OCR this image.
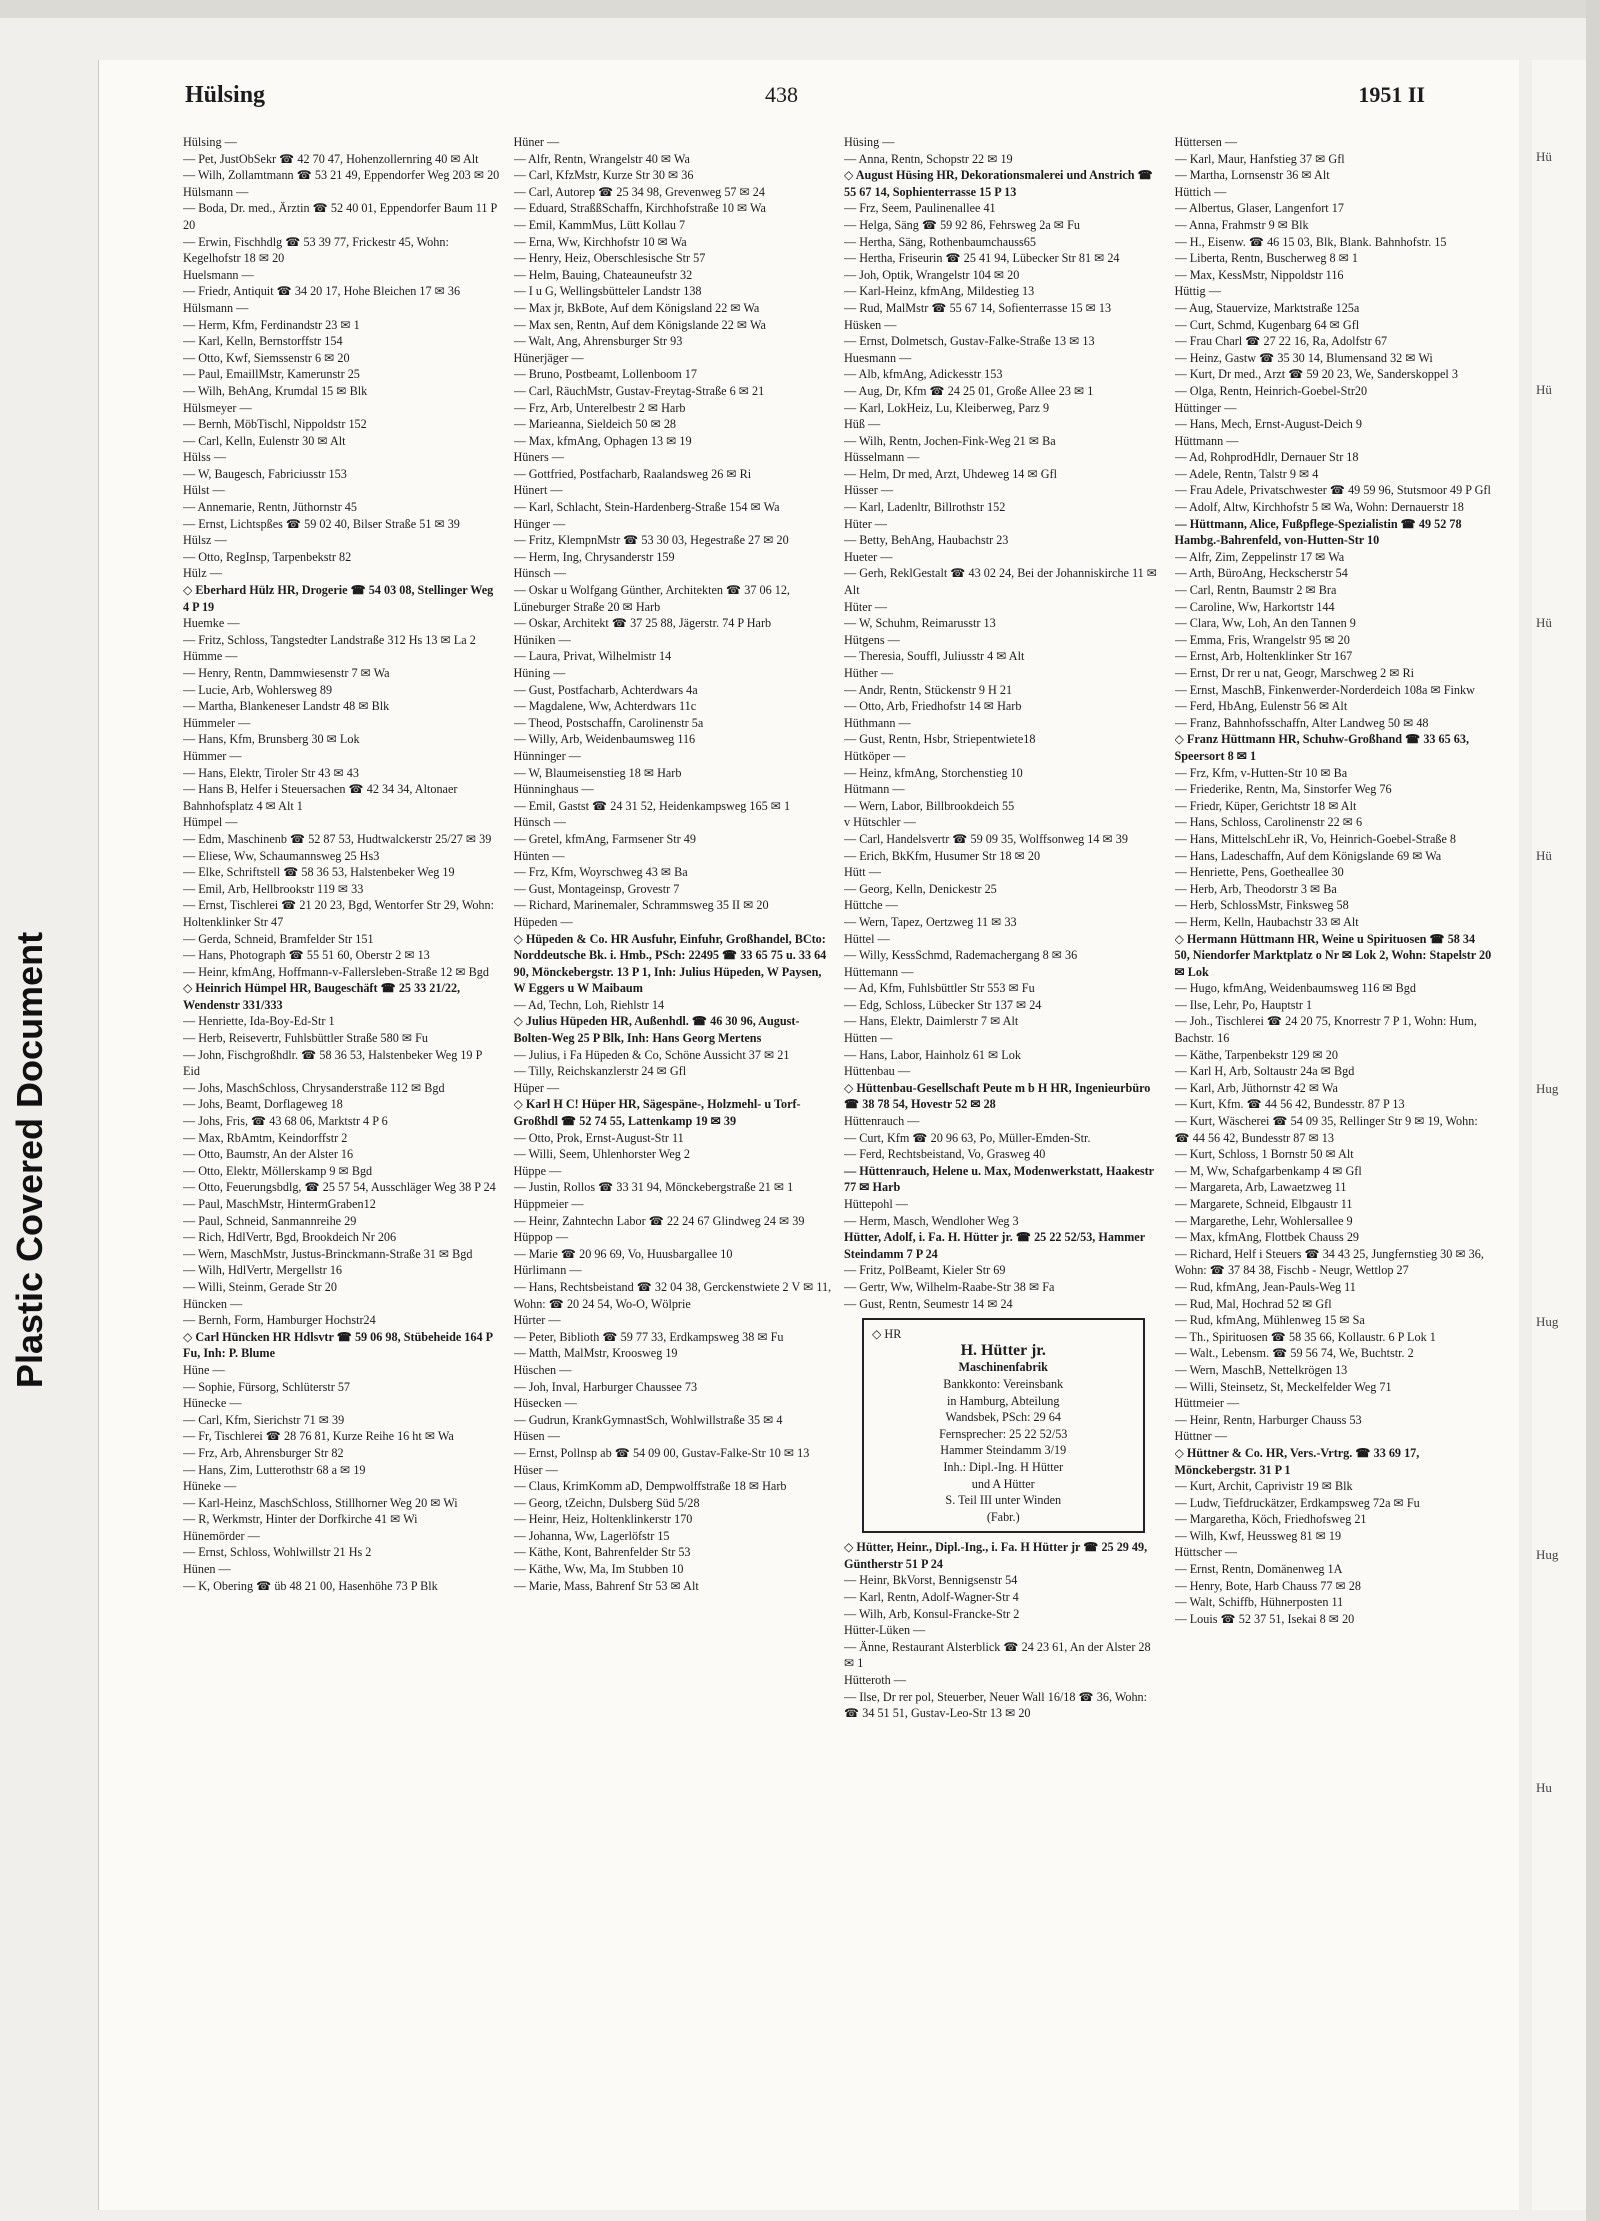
Plastic Covered Document
Hülsing	438	1951 II

Hülsing —

— Pet, JustObSekr ☎ 42 70 47, Hohenzollernring 40 ✉ Alt

— Wilh, Zollamtmann ☎ 53 21 49, Eppendorfer Weg 203 ✉ 20

Hülsmann —

— Boda, Dr. med., Ärztin ☎ 52 40 01, Eppendorfer Baum 11 P 20

— Erwin, Fischhdlg ☎ 53 39 77, Frickestr 45, Wohn: Kegelhofstr 18 ✉ 20

Huelsmann —

— Friedr, Antiquit ☎ 34 20 17, Hohe Bleichen 17 ✉ 36

Hülsmann —

— Herm, Kfm, Ferdinandstr 23 ✉ 1

— Karl, Kelln, Bernstorffstr 154

— Otto, Kwf, Siemssenstr 6 ✉ 20

— Paul, EmaillMstr, Kamerunstr 25

— Wilh, BehAng, Krumdal 15 ✉ Blk

Hülsmeyer —

— Bernh, MöbTischl, Nippoldstr 152

— Carl, Kelln, Eulenstr 30 ✉ Alt

Hülss —

— W, Baugesch, Fabriciusstr 153

Hülst —

— Annemarie, Rentn, Jüthornstr 45

— Ernst, Lichtspßes ☎ 59 02 40, Bilser Straße 51 ✉ 39

Hülsz —

— Otto, RegInsp, Tarpenbekstr 82

Hülz —

◇ Eberhard Hülz HR, Drogerie ☎ 54 03 08, Stellinger Weg 4 P 19

Huemke —

— Fritz, Schloss, Tangstedter Landstraße 312 Hs 13 ✉ La 2

Hümme —

— Henry, Rentn, Dammwiesenstr 7 ✉ Wa

— Lucie, Arb, Wohlersweg 89

— Martha, Blankeneser Landstr 48 ✉ Blk

Hümmeler —

— Hans, Kfm, Brunsberg 30 ✉ Lok

Hümmer —

— Hans, Elektr, Tiroler Str 43 ✉ 43

— Hans B, Helfer i Steuersachen ☎ 42 34 34, Altonaer Bahnhofsplatz 4 ✉ Alt 1

Hümpel —

— Edm, Maschinenb ☎ 52 87 53, Hudtwalckerstr 25/27 ✉ 39

— Eliese, Ww, Schaumannsweg 25 Hs3

— Elke, Schriftstell ☎ 58 36 53, Halstenbeker Weg 19

— Emil, Arb, Hellbrookstr 119 ✉ 33

— Ernst, Tischlerei ☎ 21 20 23, Bgd, Wentorfer Str 29, Wohn: Holtenklinker Str 47

— Gerda, Schneid, Bramfelder Str 151

— Hans, Photograph ☎ 55 51 60, Oberstr 2 ✉ 13

— Heinr, kfmAng, Hoffmann-v-Fallersleben-Straße 12 ✉ Bgd

◇ Heinrich Hümpel HR, Baugeschäft ☎ 25 33 21/22, Wendenstr 331/333

— Henriette, Ida-Boy-Ed-Str 1

— Herb, Reisevertr, Fuhlsbüttler Straße 580 ✉ Fu

— John, Fischgroßhdlr. ☎ 58 36 53, Halstenbeker Weg 19 P Eid

— Johs, MaschSchloss, Chrysanderstraße 112 ✉ Bgd

— Johs, Beamt, Dorflageweg 18

— Johs, Fris, ☎ 43 68 06, Marktstr 4 P 6

— Max, RbAmtm, Keindorffstr 2

— Otto, Baumstr, An der Alster 16

— Otto, Elektr, Möllerskamp 9 ✉ Bgd

— Otto, Feuerungsbdlg, ☎ 25 57 54, Ausschläger Weg 38 P 24

— Paul, MaschMstr, HintermGraben12

— Paul, Schneid, Sanmannreihe 29

— Rich, HdlVertr, Bgd, Brookdeich Nr 206

— Wern, MaschMstr, Justus-Brinckmann-Straße 31 ✉ Bgd

— Wilh, HdlVertr, Mergellstr 16

— Willi, Steinm, Gerade Str 20

Hüncken —

— Bernh, Form, Hamburger Hochstr24

◇ Carl Hüncken HR Hdlsvtr ☎ 59 06 98, Stübeheide 164 P Fu, Inh: P. Blume

Hüne —

— Sophie, Fürsorg, Schlüterstr 57

Hünecke —

— Carl, Kfm, Sierichstr 71 ✉ 39

— Fr, Tischlerei ☎ 28 76 81, Kurze Reihe 16 ht ✉ Wa

— Frz, Arb, Ahrensburger Str 82

— Hans, Zim, Lutterothstr 68 a ✉ 19

Hüneke —

— Karl-Heinz, MaschSchloss, Stillhorner Weg 20 ✉ Wi

— R, Werkmstr, Hinter der Dorfkirche 41 ✉ Wi

Hünemörder —

— Ernst, Schloss, Wohlwillstr 21 Hs 2

Hünen —

— K, Obering ☎ üb 48 21 00, Hasenhöhe 73 P Blk

Hüner —

— Alfr, Rentn, Wrangelstr 40 ✉ Wa

— Carl, KfzMstr, Kurze Str 30 ✉ 36

— Carl, Autorep ☎ 25 34 98, Grevenweg 57 ✉ 24

— Eduard, StraßßSchaffn, Kirchhofstraße 10 ✉ Wa

— Emil, KammMus, Lütt Kollau 7

— Erna, Ww, Kirchhofstr 10 ✉ Wa

— Henry, Heiz, Oberschlesische Str 57

— Helm, Bauing, Chateauneufstr 32

— I u G, Wellingsbütteler Landstr 138

— Max jr, BkBote, Auf dem Königsland 22 ✉ Wa

— Max sen, Rentn, Auf dem Königslande 22 ✉ Wa

— Walt, Ang, Ahrensburger Str 93

Hünerjäger —

— Bruno, Postbeamt, Lollenboom 17

— Carl, RäuchMstr, Gustav-Freytag-Straße 6 ✉ 21

— Frz, Arb, Unterelbestr 2 ✉ Harb

— Marieanna, Sieldeich 50 ✉ 28

— Max, kfmAng, Ophagen 13 ✉ 19

Hüners —

— Gottfried, Postfacharb, Raalandsweg 26 ✉ Ri

Hünert —

— Karl, Schlacht, Stein-Hardenberg-Straße 154 ✉ Wa

Hünger —

— Fritz, KlempnMstr ☎ 53 30 03, Hegestraße 27 ✉ 20

— Herm, Ing, Chrysanderstr 159

Hünsch —

— Oskar u Wolfgang Günther, Architekten ☎ 37 06 12, Lüneburger Straße 20 ✉ Harb

— Oskar, Architekt ☎ 37 25 88, Jägerstr. 74 P Harb

Hüniken —

— Laura, Privat, Wilhelmistr 14

Hüning —

— Gust, Postfacharb, Achterdwars 4a

— Magdalene, Ww, Achterdwars 11c

— Theod, Postschaffn, Carolinenstr 5a

— Willy, Arb, Weidenbaumsweg 116

Hünninger —

— W, Blaumeisenstieg 18 ✉ Harb

Hünninghaus —

— Emil, Gastst ☎ 24 31 52, Heidenkampsweg 165 ✉ 1

Hünsch —

— Gretel, kfmAng, Farmsener Str 49

Hünten —

— Frz, Kfm, Woyrschweg 43 ✉ Ba

— Gust, Montageinsp, Grovestr 7

— Richard, Marinemaler, Schrammsweg 35 II ✉ 20

Hüpeden —

◇ Hüpeden & Co. HR Ausfuhr, Einfuhr, Großhandel, BCto: Norddeutsche Bk. i. Hmb., PSch: 22495 ☎ 33 65 75 u. 33 64 90, Mönckebergstr. 13 P 1, Inh: Julius Hüpeden, W Paysen, W Eggers u W Maibaum

— Ad, Techn, Loh, Riehlstr 14

◇ Julius Hüpeden HR, Außenhdl. ☎ 46 30 96, August-Bolten-Weg 25 P Blk, Inh: Hans Georg Mertens

— Julius, i Fa Hüpeden & Co, Schöne Aussicht 37 ✉ 21

— Tilly, Reichskanzlerstr 24 ✉ Gfl

Hüper —

◇ Karl H C! Hüper HR, Sägespäne-, Holzmehl- u Torf-Großhdl ☎ 52 74 55, Lattenkamp 19 ✉ 39

— Otto, Prok, Ernst-August-Str 11

— Willi, Seem, Uhlenhorster Weg 2

Hüppe —

— Justin, Rollos ☎ 33 31 94, Mönckebergstraße 21 ✉ 1

Hüppmeier —

— Heinr, Zahntechn Labor ☎ 22 24 67 Glindweg 24 ✉ 39

Hüppop —

— Marie ☎ 20 96 69, Vo, Huusbargallee 10

Hürlimann —

— Hans, Rechtsbeistand ☎ 32 04 38, Gerckenstwiete 2 V ✉ 11, Wohn: ☎ 20 24 54, Wo-O, Wölprie

Hürter —

— Peter, Biblioth ☎ 59 77 33, Erdkampsweg 38 ✉ Fu

— Matth, MalMstr, Kroosweg 19

Hüschen —

— Joh, Inval, Harburger Chaussee 73

Hüsecken —

— Gudrun, KrankGymnastSch, Wohlwillstraße 35 ✉ 4

Hüsen —

— Ernst, Pollnsp ab ☎ 54 09 00, Gustav-Falke-Str 10 ✉ 13

Hüser —

— Claus, KrimKomm aD, Dempwolffstraße 18 ✉ Harb

— Georg, tZeichn, Dulsberg Süd 5/28

— Heinr, Heiz, Holtenklinkerstr 170

— Johanna, Ww, Lagerlöfstr 15

— Käthe, Kont, Bahrenfelder Str 53

— Käthe, Ww, Ma, Im Stubben 10

— Marie, Mass, Bahrenf Str 53 ✉ Alt

Hüsing —

— Anna, Rentn, Schopstr 22 ✉ 19

◇ August Hüsing HR, Dekorationsmalerei und Anstrich ☎ 55 67 14, Sophienterrasse 15 P 13

— Frz, Seem, Paulinenallee 41

— Helga, Säng ☎ 59 92 86, Fehrsweg 2a ✉ Fu

— Hertha, Säng, Rothenbaumchauss65

— Hertha, Friseurin ☎ 25 41 94, Lübecker Str 81 ✉ 24

— Joh, Optik, Wrangelstr 104 ✉ 20

— Karl-Heinz, kfmAng, Mildestieg 13

— Rud, MalMstr ☎ 55 67 14, Sofienterrasse 15 ✉ 13

Hüsken —

— Ernst, Dolmetsch, Gustav-Falke-Straße 13 ✉ 13

Huesmann —

— Alb, kfmAng, Adickesstr 153

— Aug, Dr, Kfm ☎ 24 25 01, Große Allee 23 ✉ 1

— Karl, LokHeiz, Lu, Kleiberweg, Parz 9

Hüß —

— Wilh, Rentn, Jochen-Fink-Weg 21 ✉ Ba

Hüsselmann —

— Helm, Dr med, Arzt, Uhdeweg 14 ✉ Gfl

Hüsser —

— Karl, Ladenltr, Billrothstr 152

Hüter —

— Betty, BehAng, Haubachstr 23

Hueter —

— Gerh, ReklGestalt ☎ 43 02 24, Bei der Johanniskirche 11 ✉ Alt

Hüter —

— W, Schuhm, Reimarusstr 13

Hütgens —

— Theresia, Souffl, Juliusstr 4 ✉ Alt

Hüther —

— Andr, Rentn, Stückenstr 9 H 21

— Otto, Arb, Friedhofstr 14 ✉ Harb

Hüthmann —

— Gust, Rentn, Hsbr, Striepentwiete18

Hütköper —

— Heinz, kfmAng, Storchenstieg 10

Hütmann —

— Wern, Labor, Billbrookdeich 55

v Hütschler —

— Carl, Handelsvertr ☎ 59 09 35, Wolffsonweg 14 ✉ 39

— Erich, BkKfm, Husumer Str 18 ✉ 20

Hütt —

— Georg, Kelln, Denickestr 25

Hüttche —

— Wern, Tapez, Oertzweg 11 ✉ 33

Hüttel —

— Willy, KessSchmd, Rademachergang 8 ✉ 36

Hüttemann —

— Ad, Kfm, Fuhlsbüttler Str 553 ✉ Fu

— Edg, Schloss, Lübecker Str 137 ✉ 24

— Hans, Elektr, Daimlerstr 7 ✉ Alt

Hütten —

— Hans, Labor, Hainholz 61 ✉ Lok

Hüttenbau —

◇ Hüttenbau-Gesellschaft Peute m b H HR, Ingenieurbüro ☎ 38 78 54, Hovestr 52 ✉ 28

Hüttenrauch —

— Curt, Kfm ☎ 20 96 63, Po, Müller-Emden-Str.

— Ferd, Rechtsbeistand, Vo, Grasweg 40

— Hüttenrauch, Helene u. Max, Modenwerkstatt, Haakestr 77 ✉ Harb

Hüttepohl —

— Herm, Masch, Wendloher Weg 3

Hütter, Adolf, i. Fa. H. Hütter jr. ☎ 25 22 52/53, Hammer Steindamm 7 P 24

— Fritz, PolBeamt, Kieler Str 69

— Gertr, Ww, Wilhelm-Raabe-Str 38 ✉ Fa

— Gust, Rentn, Seumestr 14 ✉ 24

◇ HR
H. Hütter jr.
Maschinenfabrik
Bankkonto: Vereinsbank
in Hamburg, Abteilung
Wandsbek, PSch: 29 64
Fernsprecher: 25 22 52/53
Hammer Steindamm 3/19
Inh.: Dipl.-Ing. H Hütter
und A Hütter
S. Teil III unter Winden
(Fabr.)

◇ Hütter, Heinr., Dipl.-Ing., i. Fa. H Hütter jr ☎ 25 29 49, Güntherstr 51 P 24

— Heinr, BkVorst, Bennigsenstr 54

— Karl, Rentn, Adolf-Wagner-Str 4

— Wilh, Arb, Konsul-Francke-Str 2

Hütter-Lüken —

— Änne, Restaurant Alsterblick ☎ 24 23 61, An der Alster 28 ✉ 1

Hütteroth —

— Ilse, Dr rer pol, Steuerber, Neuer Wall 16/18 ☎ 36, Wohn: ☎ 34 51 51, Gustav-Leo-Str 13 ✉ 20

Hüttersen —

— Karl, Maur, Hanfstieg 37 ✉ Gfl

— Martha, Lornsenstr 36 ✉ Alt

Hüttich —

— Albertus, Glaser, Langenfort 17

— Anna, Frahmstr 9 ✉ Blk

— H., Eisenw. ☎ 46 15 03, Blk, Blank. Bahnhofstr. 15

— Liberta, Rentn, Buscherweg 8 ✉ 1

— Max, KessMstr, Nippoldstr 116

Hüttig —

— Aug, Stauervize, Marktstraße 125a

— Curt, Schmd, Kugenbarg 64 ✉ Gfl

— Frau Charl ☎ 27 22 16, Ra, Adolfstr 67

— Heinz, Gastw ☎ 35 30 14, Blumensand 32 ✉ Wi

— Kurt, Dr med., Arzt ☎ 59 20 23, We, Sanderskoppel 3

— Olga, Rentn, Heinrich-Goebel-Str20

Hüttinger —

— Hans, Mech, Ernst-August-Deich 9

Hüttmann —

— Ad, RohprodHdlr, Dernauer Str 18

— Adele, Rentn, Talstr 9 ✉ 4

— Frau Adele, Privatschwester ☎ 49 59 96, Stutsmoor 49 P Gfl

— Adolf, Altw, Kirchhofstr 5 ✉ Wa, Wohn: Dernauerstr 18

— Hüttmann, Alice, Fußpflege-Spezialistin ☎ 49 52 78 Hambg.-Bahrenfeld, von-Hutten-Str 10

— Alfr, Zim, Zeppelinstr 17 ✉ Wa

— Arth, BüroAng, Heckscherstr 54

— Carl, Rentn, Baumstr 2 ✉ Bra

— Caroline, Ww, Harkortstr 144

— Clara, Ww, Loh, An den Tannen 9

— Emma, Fris, Wrangelstr 95 ✉ 20

— Ernst, Arb, Holtenklinker Str 167

— Ernst, Dr rer u nat, Geogr, Marschweg 2 ✉ Ri

— Ernst, MaschB, Finkenwerder-Norderdeich 108a ✉ Finkw

— Ferd, HbAng, Eulenstr 56 ✉ Alt

— Franz, Bahnhofsschaffn, Alter Landweg 50 ✉ 48

◇ Franz Hüttmann HR, Schuhw-Großhand ☎ 33 65 63, Speersort 8 ✉ 1

— Frz, Kfm, v-Hutten-Str 10 ✉ Ba

— Friederike, Rentn, Ma, Sinstorfer Weg 76

— Friedr, Küper, Gerichtstr 18 ✉ Alt

— Hans, Schloss, Carolinenstr 22 ✉ 6

— Hans, MittelschLehr iR, Vo, Heinrich-Goebel-Straße 8

— Hans, Ladeschaffn, Auf dem Königslande 69 ✉ Wa

— Henriette, Pens, Goetheallee 30

— Herb, Arb, Theodorstr 3 ✉ Ba

— Herb, SchlossMstr, Finksweg 58

— Herm, Kelln, Haubachstr 33 ✉ Alt

◇ Hermann Hüttmann HR, Weine u Spirituosen ☎ 58 34 50, Niendorfer Marktplatz o Nr ✉ Lok 2, Wohn: Stapelstr 20 ✉ Lok

— Hugo, kfmAng, Weidenbaumsweg 116 ✉ Bgd

— Ilse, Lehr, Po, Hauptstr 1

— Joh., Tischlerei ☎ 24 20 75, Knorrestr 7 P 1, Wohn: Hum, Bachstr. 16

— Käthe, Tarpenbekstr 129 ✉ 20

— Karl H, Arb, Soltaustr 24a ✉ Bgd

— Karl, Arb, Jüthornstr 42 ✉ Wa

— Kurt, Kfm. ☎ 44 56 42, Bundesstr. 87 P 13

— Kurt, Wäscherei ☎ 54 09 35, Rellinger Str 9 ✉ 19, Wohn: ☎ 44 56 42, Bundesstr 87 ✉ 13

— Kurt, Schloss, 1 Bornstr 50 ✉ Alt

— M, Ww, Schafgarbenkamp 4 ✉ Gfl

— Margareta, Arb, Lawaetzweg 11

— Margarete, Schneid, Elbgaustr 11

— Margarethe, Lehr, Wohlersallee 9

— Max, kfmAng, Flottbek Chauss 29

— Richard, Helf i Steuers ☎ 34 43 25, Jungfernstieg 30 ✉ 36, Wohn: ☎ 37 84 38, Fischb - Neugr, Wettlop 27

— Rud, kfmAng, Jean-Pauls-Weg 11

— Rud, Mal, Hochrad 52 ✉ Gfl

— Rud, kfmAng, Mühlenweg 15 ✉ Sa

— Th., Spirituosen ☎ 58 35 66, Kollaustr. 6 P Lok 1

— Walt., Lebensm. ☎ 59 56 74, We, Buchtstr. 2

— Wern, MaschB, Nettelkrögen 13

— Willi, Steinsetz, St, Meckelfelder Weg 71

Hüttmeier —

— Heinr, Rentn, Harburger Chauss 53

Hüttner —

◇ Hüttner & Co. HR, Vers.-Vrtrg. ☎ 33 69 17, Mönckebergstr. 31 P 1

— Kurt, Archit, Caprivistr 19 ✉ Blk

— Ludw, Tiefdruckätzer, Erdkampsweg 72a ✉ Fu

— Margaretha, Köch, Friedhofsweg 21

— Wilh, Kwf, Heussweg 81 ✉ 19

Hüttscher —

— Ernst, Rentn, Domänenweg 1A

— Henry, Bote, Harb Chauss 77 ✉ 28

— Walt, Schiffb, Hühnerposten 11

— Louis ☎ 52 37 51, Isekai 8 ✉ 20

Hü
Hü
Hü
Hü
Hug
Hug
Hug
Hu
